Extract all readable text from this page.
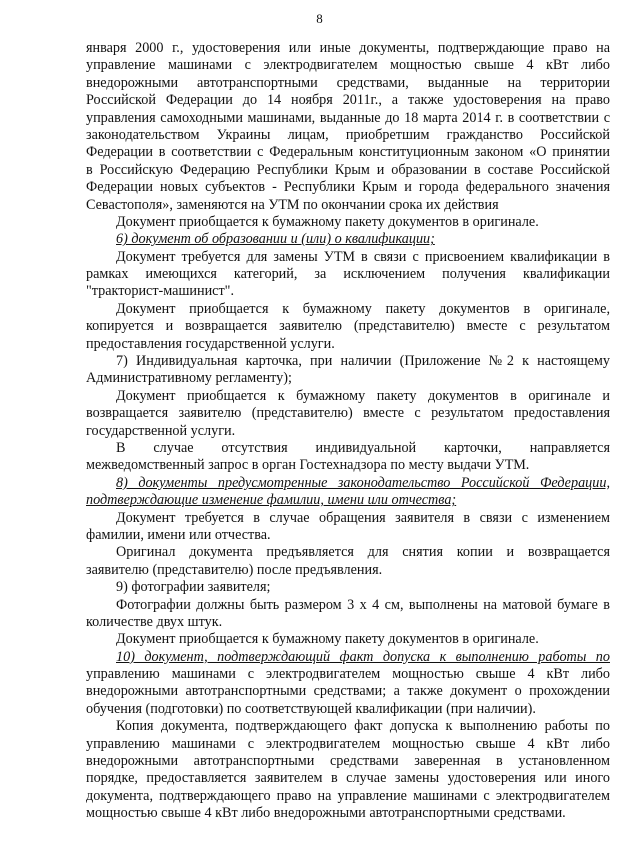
8
января 2000 г., удостоверения или иные документы, подтверждающие право на
управление машинами с электродвигателем мощностью свыше 4 кВт либо
внедорожными автотранспортными средствами, выданные на территории
Российской Федерации до 14 ноября 2011г., а также удостоверения на право
управления самоходными машинами, выданные до 18 марта 2014 г. в соответствии с
законодательством Украины лицам, приобретшим гражданство Российской
Федерации в соответствии с Федеральным конституционным законом «О принятии
в Российскую Федерацию Республики Крым и образовании в составе Российской
Федерации новых субъектов - Республики Крым и города федерального значения
Севастополя», заменяются на УТМ по окончании срока их действия
Документ приобщается к бумажному пакету документов в оригинале.
6) документ об образовании и (или) о квалификации;
Документ требуется для замены УТМ в связи с присвоением квалификации в
рамках имеющихся категорий, за исключением получения квалификации
"тракторист-машинист".
Документ приобщается к бумажному пакету документов в оригинале,
копируется и возвращается заявителю (представителю) вместе с результатом
предоставления государственной услуги.
7) Индивидуальная карточка, при наличии (Приложение №2 к настоящему
Административному регламенту);
Документ приобщается к бумажному пакету документов в оригинале и
возвращается заявителю (представителю) вместе с результатом предоставления
государственной услуги.
В случае отсутствия индивидуальной карточки, направляется
межведомственный запрос в орган Гостехнадзора по месту выдачи УТМ.
8) документы предусмотренные законодательство Российской Федерации,
подтверждающие изменение фамилии, имени или отчества;
Документ требуется в случае обращения заявителя в связи с изменением
фамилии, имени или отчества.
Оригинал документа предъявляется для снятия копии и возвращается
заявителю (представителю) после предъявления.
9) фотографии заявителя;
Фотографии должны быть размером 3 х 4 см, выполнены на матовой бумаге в
количестве двух штук.
Документ приобщается к бумажному пакету документов в оригинале.
10) документ, подтверждающий факт допуска к выполнению работы по
управлению машинами с электродвигателем мощностью свыше 4 кВт либо
внедорожными автотранспортными средствами; а также документ о прохождении
обучения (подготовки) по соответствующей квалификации (при наличии).
Копия документа, подтверждающего факт допуска к выполнению работы по
управлению машинами с электродвигателем мощностью свыше 4 кВт либо
внедорожными автотранспортными средствами заверенная в установленном
порядке, предоставляется заявителем в случае замены удостоверения или иного
документа, подтверждающего право на управление машинами с электродвигателем
мощностью свыше 4 кВт либо внедорожными автотранспортными средствами.
